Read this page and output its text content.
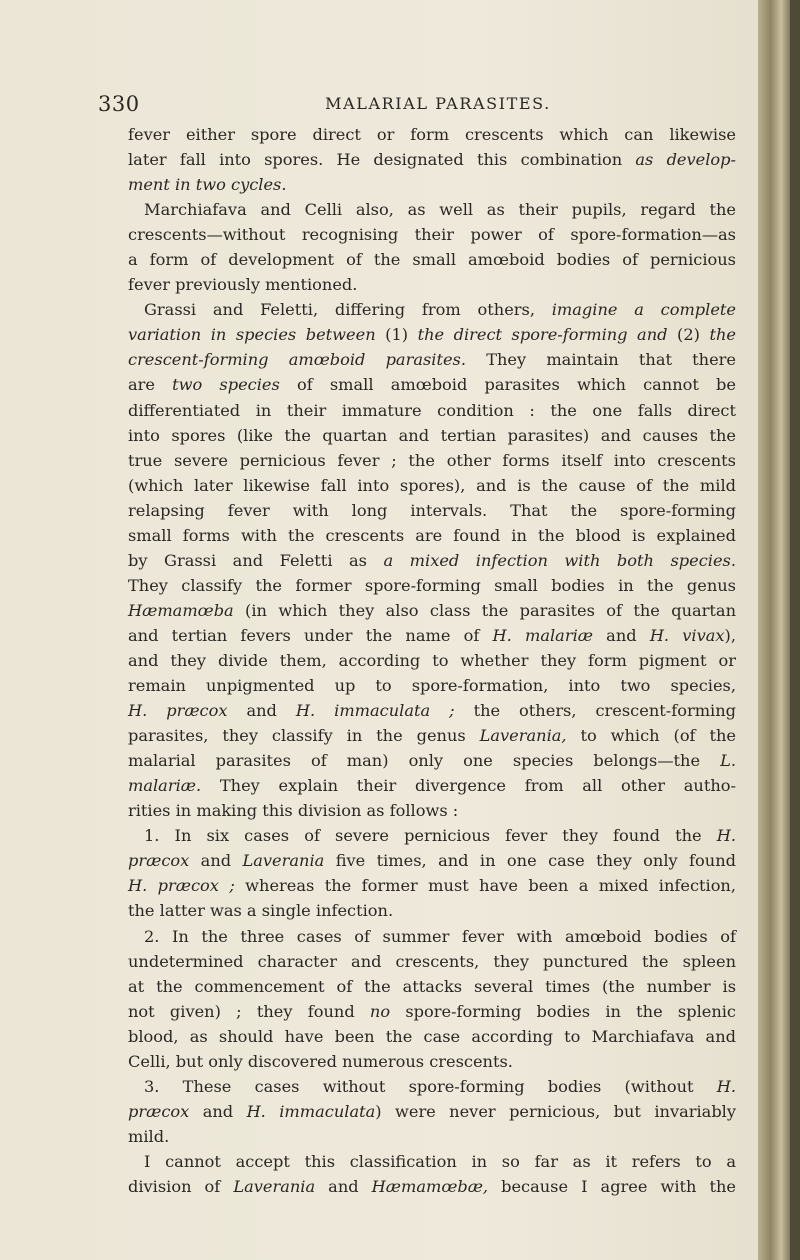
330	MALARIAL PARASITES.
fever either spore direct or form crescents which can likewise
later fall into spores. He designated this combination as develop-
ment in two cycles.
Marchiafava and Celli also, as well as their pupils, regard the
crescents—without recognising their power of spore-formation—as
a form of development of the small amœboid bodies of pernicious
fever previously mentioned.
Grassi and Feletti, differing from others, imagine a complete
variation in species between (1) the direct spore-forming and (2) the
crescent-forming amœboid parasites. They maintain that there
are two species of small amœboid parasites which cannot be
differentiated in their immature condition : the one falls direct
into spores (like the quartan and tertian parasites) and causes the
true severe pernicious fever ; the other forms itself into crescents
(which later likewise fall into spores), and is the cause of the mild
relapsing fever with long intervals. That the spore-forming
small forms with the crescents are found in the blood is explained
by Grassi and Feletti as a mixed infection with both species.
They classify the former spore-forming small bodies in the genus
Hæmamœba (in which they also class the parasites of the quartan
and tertian fevers under the name of H. malariæ and H. vivax),
and they divide them, according to whether they form pigment or
remain unpigmented up to spore-formation, into two species,
H. præcox and H. immaculata ; the others, crescent-forming
parasites, they classify in the genus Laverania, to which (of the
malarial parasites of man) only one species belongs—the L.
malariæ. They explain their divergence from all other autho-
rities in making this division as follows :
1. In six cases of severe pernicious fever they found the H.
præcox and Laverania five times, and in one case they only found
H. præcox ; whereas the former must have been a mixed infection,
the latter was a single infection.
2. In the three cases of summer fever with amœboid bodies of
undetermined character and crescents, they punctured the spleen
at the commencement of the attacks several times (the number is
not given) ; they found no spore-forming bodies in the splenic
blood, as should have been the case according to Marchiafava and
Celli, but only discovered numerous crescents.
3. These cases without spore-forming bodies (without H.
præcox and H. immaculata) were never pernicious, but invariably
mild.
I cannot accept this classification in so far as it refers to a
division of Laverania and Hæmamœbæ, because I agree with the
